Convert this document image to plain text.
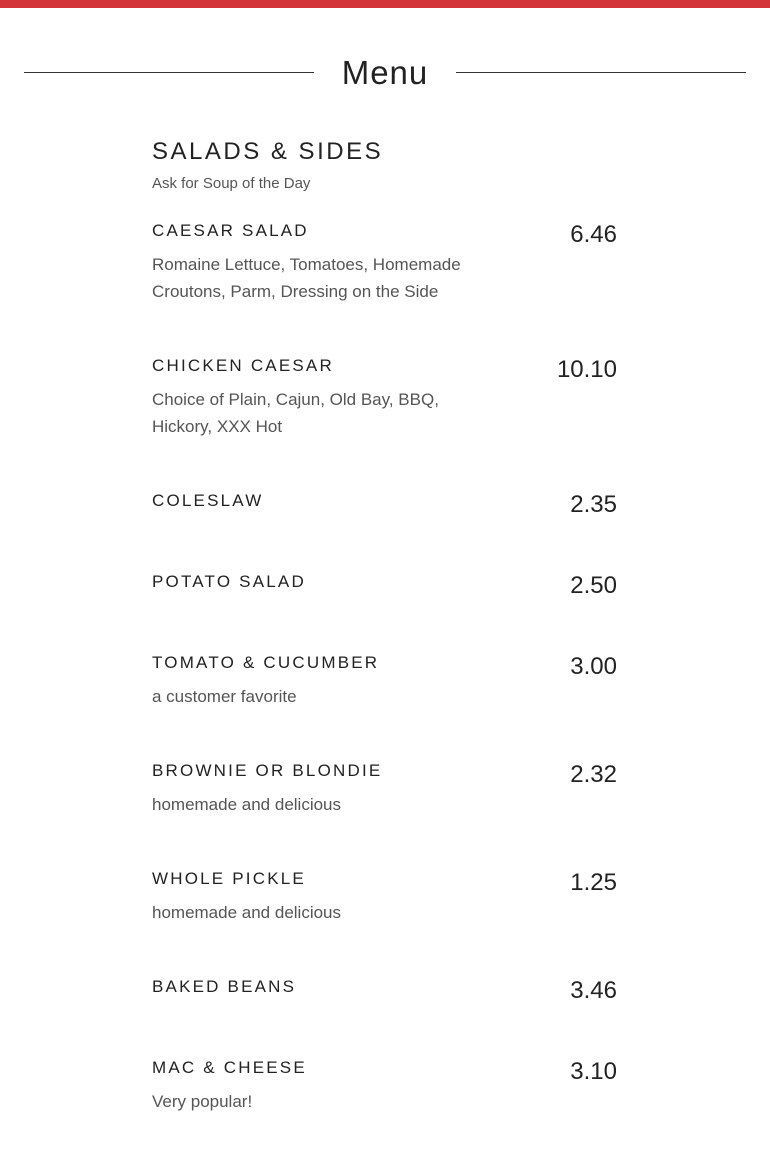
Menu
SALADS & SIDES
Ask for Soup of the Day
CAESAR SALAD	6.46
Romaine Lettuce, Tomatoes, Homemade Croutons, Parm, Dressing on the Side
CHICKEN CAESAR	10.10
Choice of Plain, Cajun, Old Bay, BBQ, Hickory, XXX Hot
COLESLAW	2.35
POTATO SALAD	2.50
TOMATO & CUCUMBER	3.00
a customer favorite
BROWNIE OR BLONDIE	2.32
homemade and delicious
WHOLE PICKLE	1.25
homemade and delicious
BAKED BEANS	3.46
MAC & CHEESE	3.10
Very popular!
